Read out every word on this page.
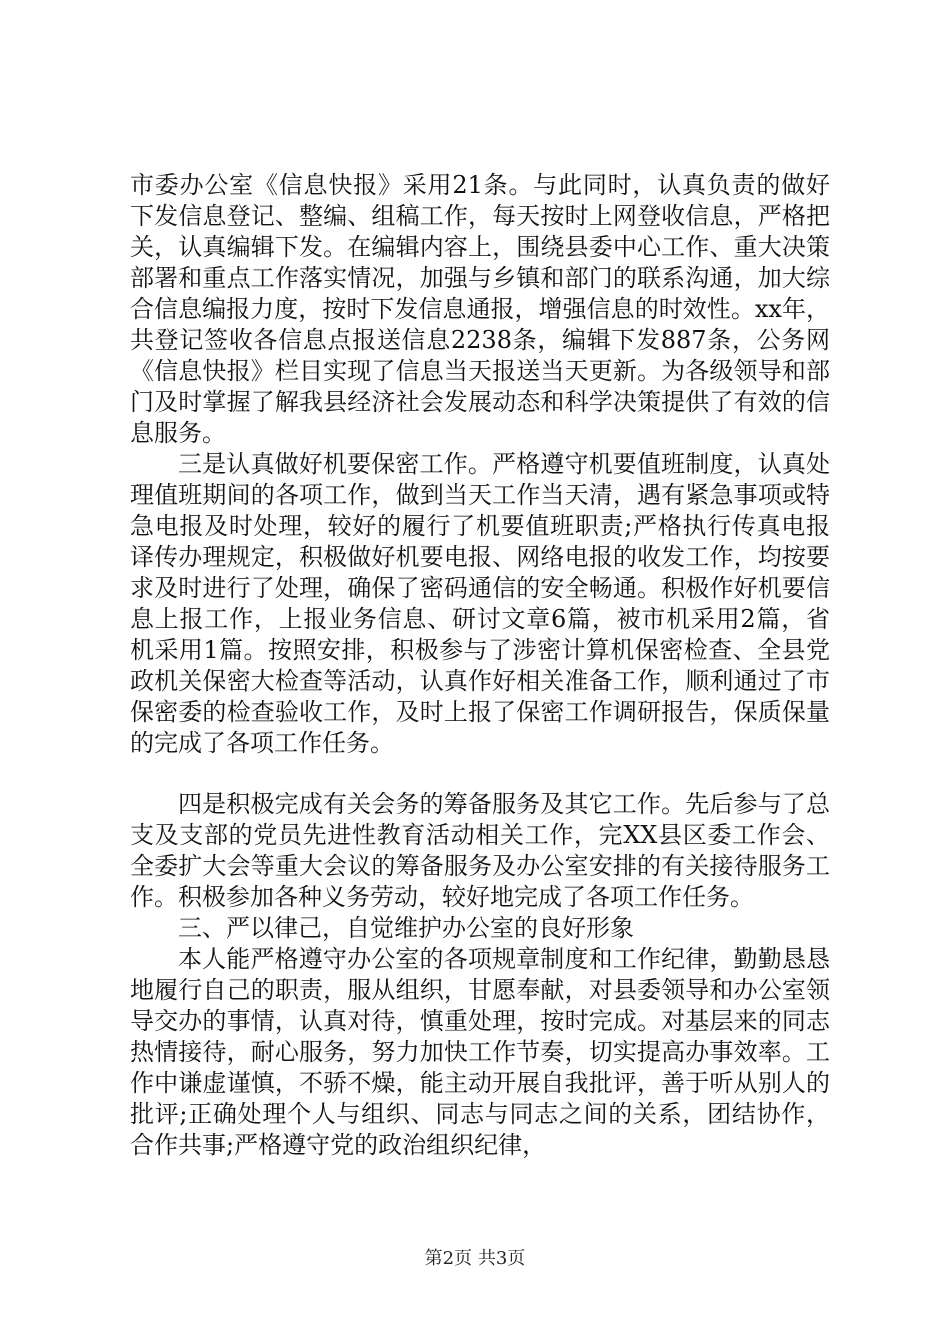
市委办公室《信息快报》采用21条。与此同时，认真负责的做好下发信息登记、整编、组稿工作，每天按时上网登收信息，严格把关，认真编辑下发。在编辑内容上，围绕县委中心工作、重大决策部署和重点工作落实情况，加强与乡镇和部门的联系沟通，加大综合信息编报力度，按时下发信息通报，增强信息的时效性。xx年，共登记签收各信息点报送信息2238条，编辑下发887条，公务网《信息快报》栏目实现了信息当天报送当天更新。为各级领导和部门及时掌握了解我县经济社会发展动态和科学决策提供了有效的信息服务。

三是认真做好机要保密工作。严格遵守机要值班制度，认真处理值班期间的各项工作，做到当天工作当天清，遇有紧急事项或特急电报及时处理，较好的履行了机要值班职责;严格执行传真电报译传办理规定，积极做好机要电报、网络电报的收发工作，均按要求及时进行了处理，确保了密码通信的安全畅通。积极作好机要信息上报工作，上报业务信息、研讨文章6篇，被市机采用2篇，省机采用1篇。按照安排，积极参与了涉密计算机保密检查、全县党政机关保密大检查等活动，认真作好相关准备工作，顺利通过了市保密委的检查验收工作，及时上报了保密工作调研报告，保质保量的完成了各项工作任务。

四是积极完成有关会务的筹备服务及其它工作。先后参与了总支及支部的党员先进性教育活动相关工作，完XX县区委工作会、全委扩大会等重大会议的筹备服务及办公室安排的有关接待服务工作。积极参加各种义务劳动，较好地完成了各项工作任务。

三、严以律己，自觉维护办公室的良好形象

本人能严格遵守办公室的各项规章制度和工作纪律，勤勤恳恳地履行自己的职责，服从组织，甘愿奉献，对县委领导和办公室领导交办的事情，认真对待，慎重处理，按时完成。对基层来的同志热情接待，耐心服务，努力加快工作节奏，切实提高办事效率。工作中谦虚谨慎，不骄不燥，能主动开展自我批评，善于听从别人的批评;正确处理个人与组织、同志与同志之间的关系，团结协作，合作共事;严格遵守党的政治组织纪律，

第2页 共3页
